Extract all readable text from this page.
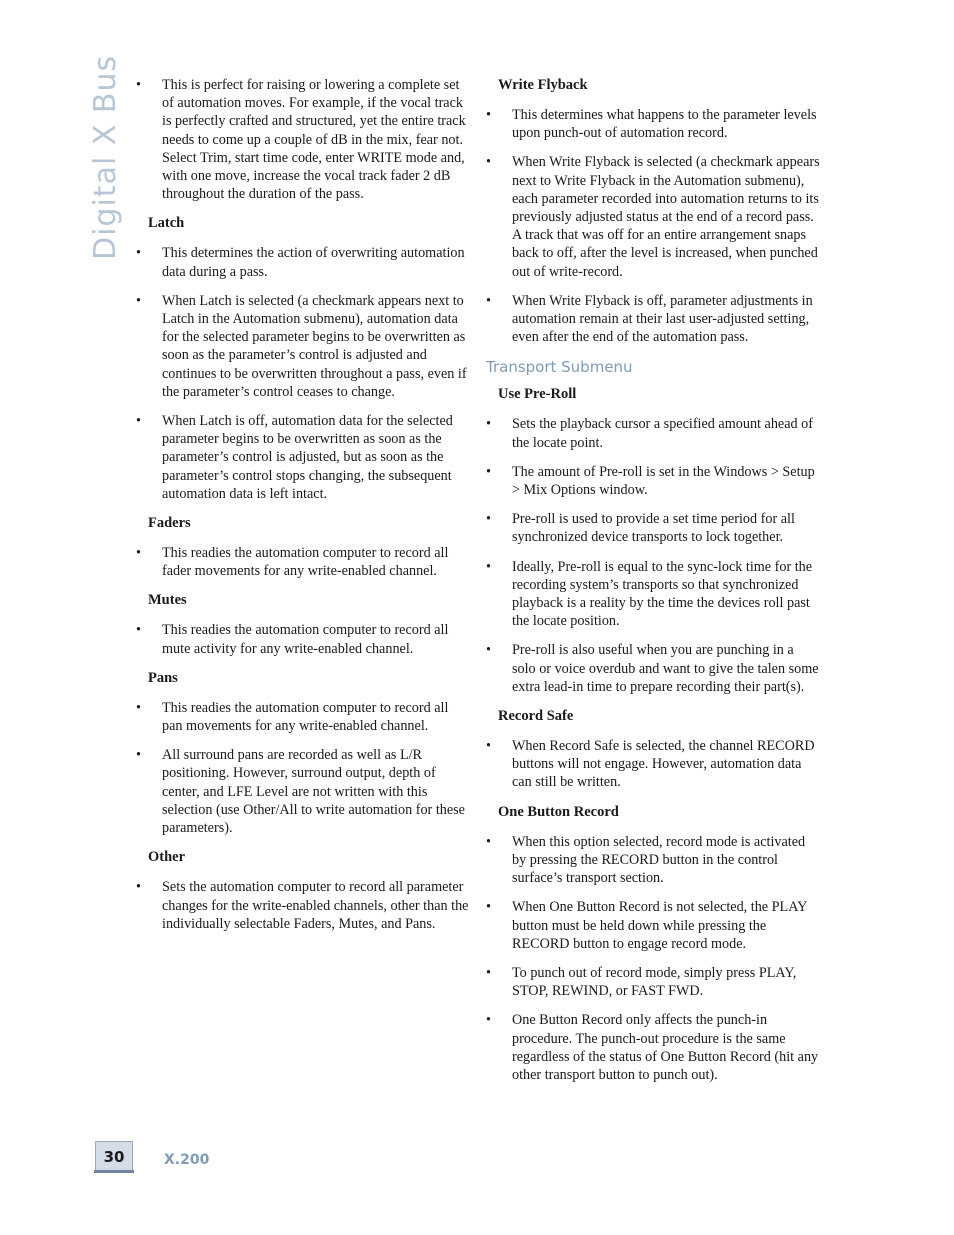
Digital X Bus • This is perfect for raising or lowering a complete set of automation moves. For example, if the vocal track is perfectly crafted and structured, yet the entire track needs to come up a couple of dB in the mix, fear not. Select Trim, start time code, enter WRITE mode and, with one move, increase the vocal track fader 2 dB throughout the duration of the pass.
Latch
• This determines the action of overwriting automation data during a pass.
• When Latch is selected (a checkmark appears next to Latch in the Automation submenu), automation data for the selected parameter begins to be overwritten as soon as the parameter’s control is adjusted and continues to be overwritten throughout a pass, even if the parameter’s control ceases to change.
• When Latch is off, automation data for the selected parameter begins to be overwritten as soon as the parameter’s control is adjusted, but as soon as the parameter’s control stops changing, the subsequent automation data is left intact.
Faders
• This readies the automation computer to record all fader movements for any write-enabled channel.
Mutes
• This readies the automation computer to record all mute activity for any write-enabled channel.
Pans
• This readies the automation computer to record all pan movements for any write-enabled channel.
• All surround pans are recorded as well as L/R positioning. However, surround output, depth of center, and LFE Level are not written with this selection (use Other/All to write automation for these parameters).
Other
• Sets the automation computer to record all parameter changes for the write-enabled channels, other than the individually selectable Faders, Mutes, and Pans.
Write Flyback
• This determines what happens to the parameter levels upon punch-out of automation record.
• When Write Flyback is selected (a checkmark appears next to Write Flyback in the Automation submenu), each parameter recorded into automation returns to its previously adjusted status at the end of a record pass. A track that was off for an entire arrangement snaps back to off, after the level is increased, when punched out of write-record.
• When Write Flyback is off, parameter adjustments in automation remain at their last user-adjusted setting, even after the end of the automation pass.
Transport Submenu
Use Pre-Roll
• Sets the playback cursor a specified amount ahead of the locate point.
• The amount of Pre-roll is set in the Windows > Setup > Mix Options window.
• Pre-roll is used to provide a set time period for all synchronized device transports to lock together.
• Ideally, Pre-roll is equal to the sync-lock time for the recording system’s transports so that synchronized playback is a reality by the time the devices roll past the locate position.
• Pre-roll is also useful when you are punching in a solo or voice overdub and want to give the talen some extra lead-in time to prepare recording their part(s).
Record Safe
• When Record Safe is selected, the channel RECORD buttons will not engage. However, automation data can still be written.
One Button Record
• When this option selected, record mode is activated by pressing the RECORD button in the control surface’s transport section.
• When One Button Record is not selected, the PLAY button must be held down while pressing the RECORD button to engage record mode.
• To punch out of record mode, simply press PLAY, STOP, REWIND, or FAST FWD.
• One Button Record only affects the punch-in procedure. The punch-out procedure is the same regardless of the status of One Button Record (hit any other transport button to punch out).
30	X.200
